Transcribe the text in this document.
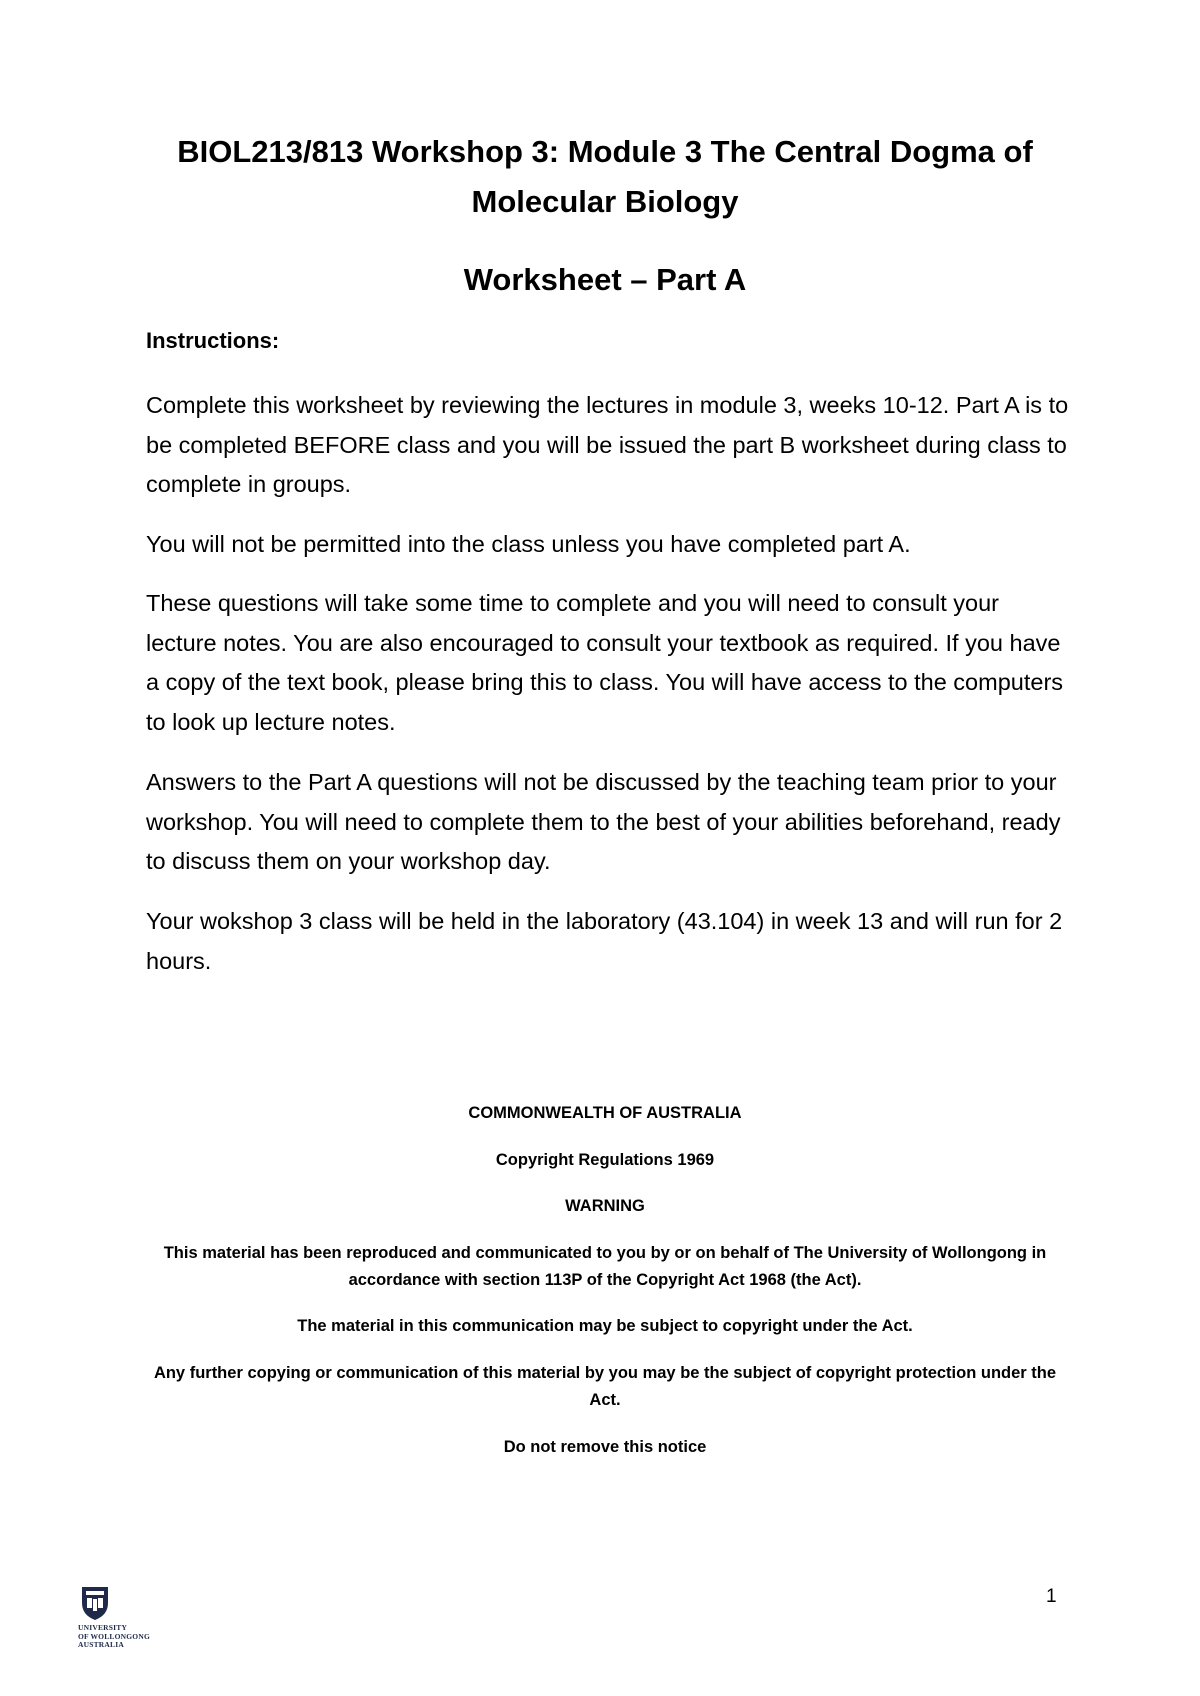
BIOL213/813 Workshop 3: Module 3 The Central Dogma of Molecular Biology
Worksheet – Part A

Instructions:

Complete this worksheet by reviewing the lectures in module 3, weeks 10-12. Part A is to be completed BEFORE class and you will be issued the part B worksheet during class to complete in groups.

You will not be permitted into the class unless you have completed part A.

These questions will take some time to complete and you will need to consult your lecture notes. You are also encouraged to consult your textbook as required. If you have a copy of the text book, please bring this to class. You will have access to the computers to look up lecture notes.

Answers to the Part A questions will not be discussed by the teaching team prior to your workshop. You will need to complete them to the best of your abilities beforehand, ready to discuss them on your workshop day.

Your wokshop 3 class will be held in the laboratory (43.104) in week 13 and will run for 2 hours.

COMMONWEALTH OF AUSTRALIA

Copyright Regulations 1969

WARNING

This material has been reproduced and communicated to you by or on behalf of The University of Wollongong in accordance with section 113P of the Copyright Act 1968 (the Act).

The material in this communication may be subject to copyright under the Act.

Any further copying or communication of this material by you may be the subject of copyright protection under the Act.

Do not remove this notice

UNIVERSITY
OF WOLLONGONG
AUSTRALIA
1
